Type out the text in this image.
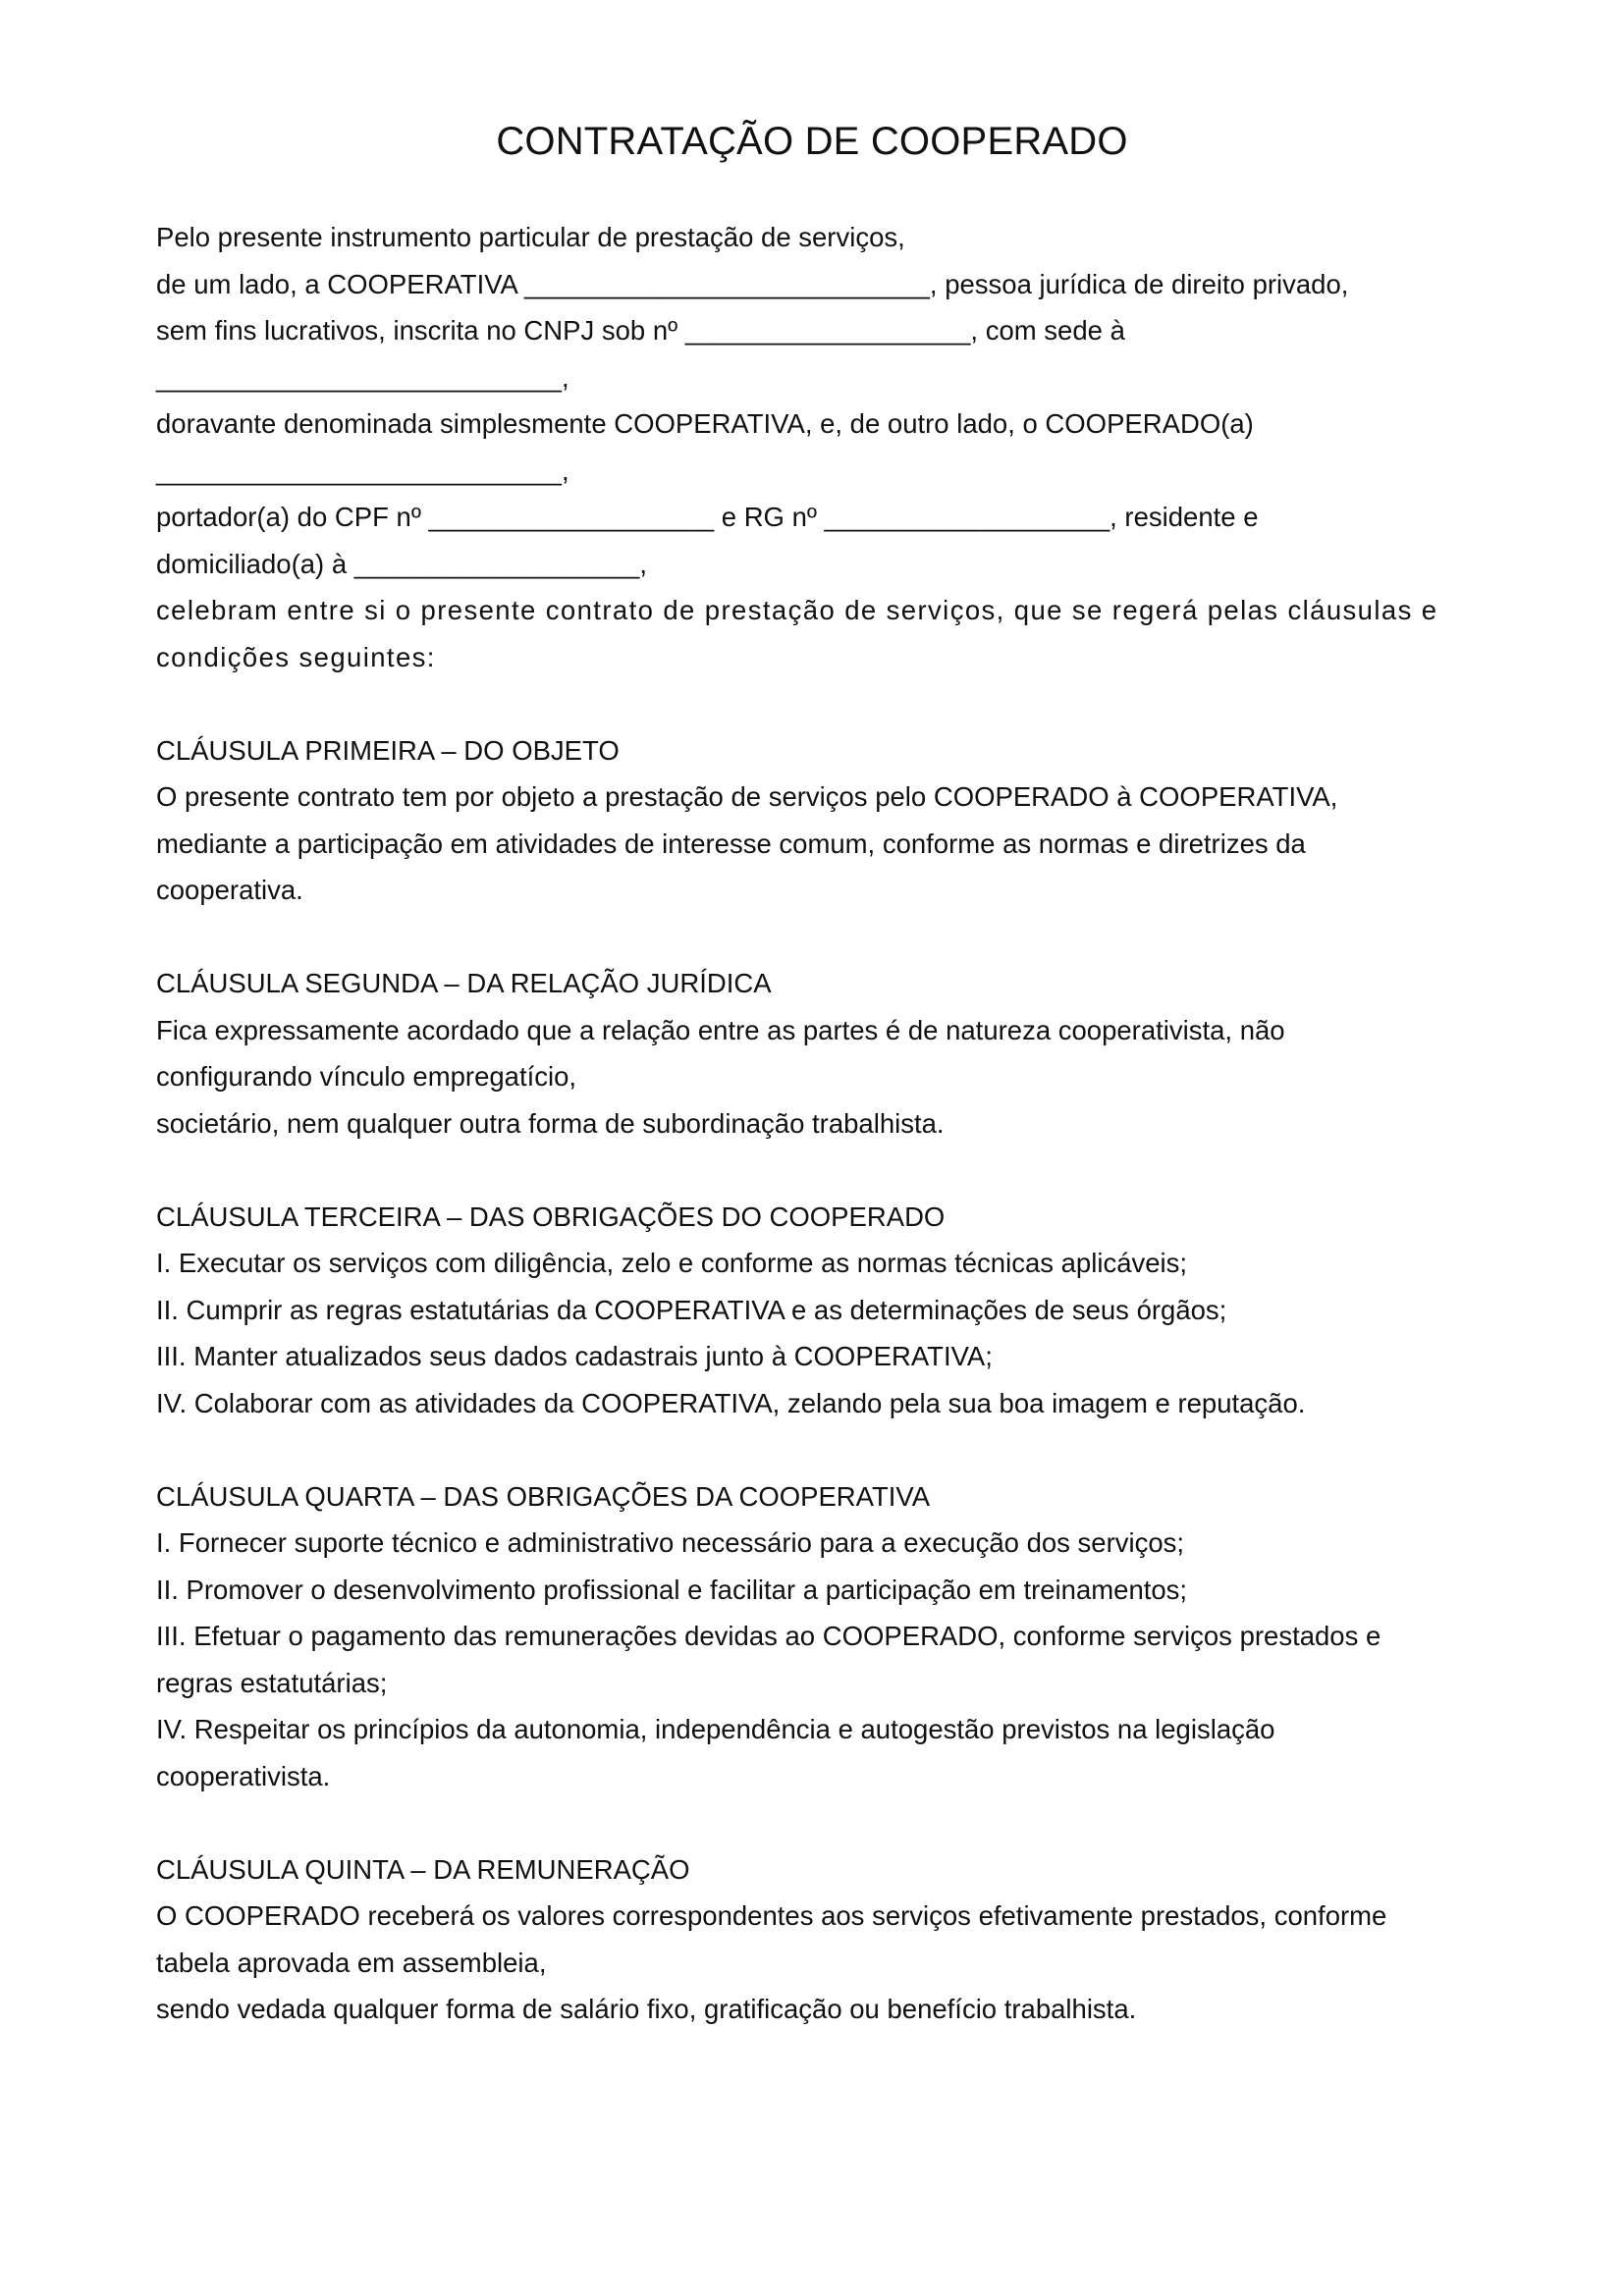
CONTRATAÇÃO DE COOPERADO
Pelo presente instrumento particular de prestação de serviços,
de um lado, a COOPERATIVA ___________________________, pessoa jurídica de direito privado,
sem fins lucrativos, inscrita no CNPJ sob nº ___________________, com sede à
___________________________,
doravante denominada simplesmente COOPERATIVA, e, de outro lado, o COOPERADO(a)
___________________________,
portador(a) do CPF nº ___________________ e RG nº ___________________, residente e
domiciliado(a) à ___________________,
celebram entre si o presente contrato de prestação de serviços, que se regerá pelas cláusulas e
condições seguintes:
CLÁUSULA PRIMEIRA – DO OBJETO
O presente contrato tem por objeto a prestação de serviços pelo COOPERADO à COOPERATIVA,
mediante a participação em atividades de interesse comum, conforme as normas e diretrizes da
cooperativa.
CLÁUSULA SEGUNDA – DA RELAÇÃO JURÍDICA
Fica expressamente acordado que a relação entre as partes é de natureza cooperativista, não
configurando vínculo empregatício,
societário, nem qualquer outra forma de subordinação trabalhista.
CLÁUSULA TERCEIRA – DAS OBRIGAÇÕES DO COOPERADO
I. Executar os serviços com diligência, zelo e conforme as normas técnicas aplicáveis;
II. Cumprir as regras estatutárias da COOPERATIVA e as determinações de seus órgãos;
III. Manter atualizados seus dados cadastrais junto à COOPERATIVA;
IV. Colaborar com as atividades da COOPERATIVA, zelando pela sua boa imagem e reputação.
CLÁUSULA QUARTA – DAS OBRIGAÇÕES DA COOPERATIVA
I. Fornecer suporte técnico e administrativo necessário para a execução dos serviços;
II. Promover o desenvolvimento profissional e facilitar a participação em treinamentos;
III. Efetuar o pagamento das remunerações devidas ao COOPERADO, conforme serviços prestados e
regras estatutárias;
IV. Respeitar os princípios da autonomia, independência e autogestão previstos na legislação
cooperativista.
CLÁUSULA QUINTA – DA REMUNERAÇÃO
O COOPERADO receberá os valores correspondentes aos serviços efetivamente prestados, conforme
tabela aprovada em assembleia,
sendo vedada qualquer forma de salário fixo, gratificação ou benefício trabalhista.
